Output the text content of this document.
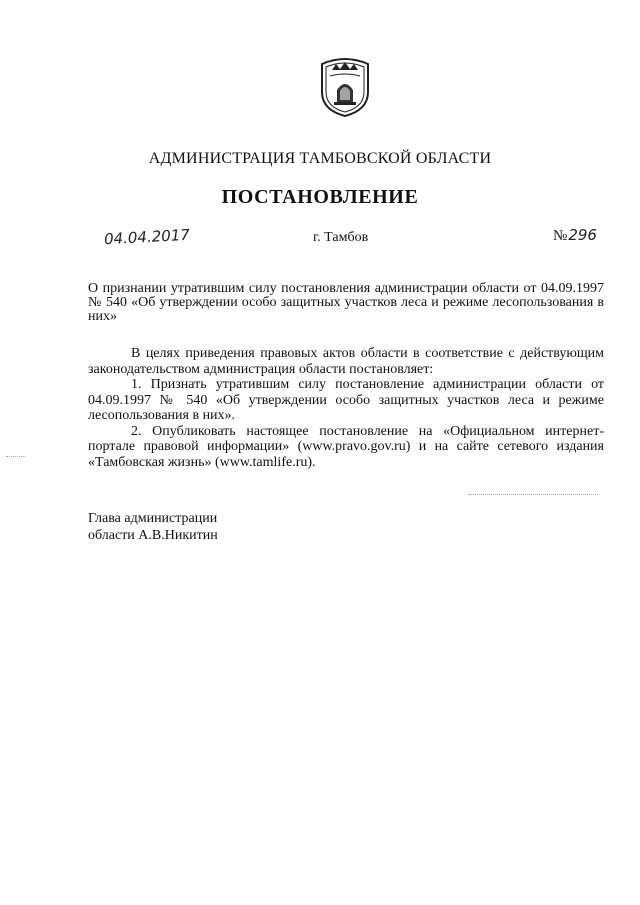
АДМИНИСТРАЦИЯ ТАМБОВСКОЙ ОБЛАСТИ
ПОСТАНОВЛЕНИЕ
04.04.2017	г. Тамбов	№296
О признании утратившим силу постановления администрации области от 04.09.1997 № 540 «Об утверждении особо защитных участков леса и режиме лесопользования в них»

В целях приведения правовых актов области в соответствие с действующим законодательством администрация области постановляет:

1. Признать утратившим силу постановление администрации области от 04.09.1997 № 540 «Об утверждении особо защитных участков леса и режиме лесопользования в них».

2. Опубликовать настоящее постановление на «Официальном интернет-портале правовой информации» (www.pravo.gov.ru) и на сайте сетевого издания «Тамбовская жизнь» (www.tamlife.ru).

Глава администрации
области А.В.Никитин
